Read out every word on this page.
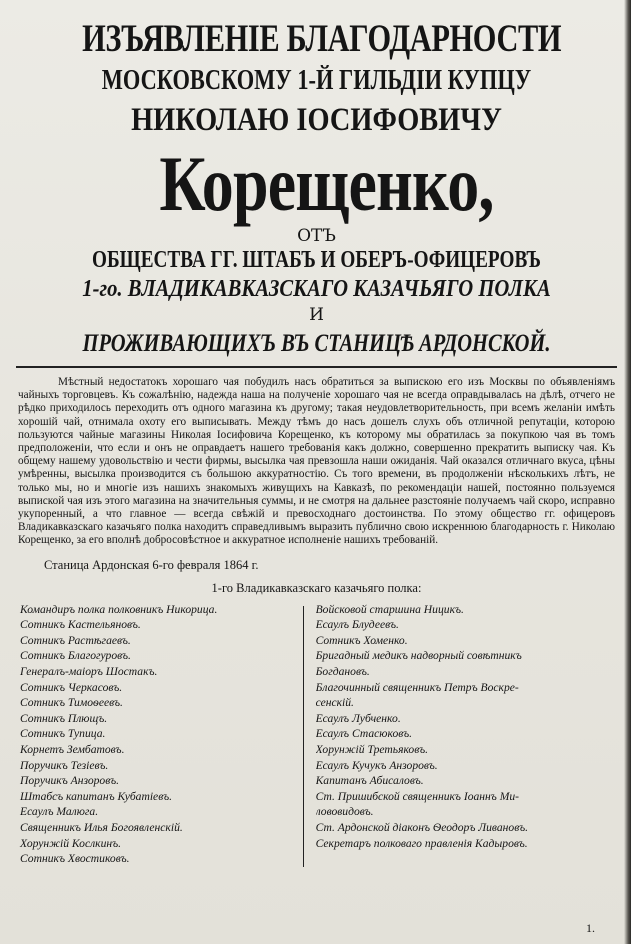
ИЗЪЯВЛЕНІЕ БЛАГОДАРНОСТИ
МОСКОВСКОМУ 1-Й ГИЛЬДІИ КУПЦУ
НИКОЛАЮ ІОСИФОВИЧУ
Корещенко,
ОТЪ
ОБЩЕСТВА ГГ. ШТАБЪ И ОБЕРЪ-ОФИЦЕРОВЪ
1-го. ВЛАДИКАВКАЗСКАГО КАЗАЧЬЯГО ПОЛКА
И
ПРОЖИВАЮЩИХЪ ВЪ СТАНИЦѢ АРДОНСКОЙ.

Мѣстный недостатокъ хорошаго чая побудилъ насъ обратиться за выпискою его изъ Москвы по объявленіямъ чайныхъ торговцевъ. Къ сожалѣнію, надежда наша на полученіе хорошаго чая не всегда оправдывалась на дѣлѣ, отчего не рѣдко приходилось переходить отъ одного магазина къ другому; такая неудовлетворительность, при всемъ желаніи имѣть хорошій чай, отнимала охоту его выписывать. Между тѣмъ до насъ дошелъ слухъ объ отличной репутаціи, которою пользуются чайные магазины Николая Іосифовича Корещенко, къ которому мы обратилась за покупкою чая въ томъ предположеніи, что если и онъ не оправдаетъ нашего требованія какъ должно, совершенно прекратить выписку чая. Къ общему нашему удовольствію и чести фирмы, высылка чая превзошла наши ожиданія. Чай оказался отличнаго вкуса, цѣны умѣренны, высылка производится съ большою аккуратностію. Съ того времени, въ продолженіи нѣсколькихъ лѣтъ, не только мы, но и многіе изъ нашихъ знакомыхъ живущихъ на Кавказѣ, по рекомендаціи нашей, постоянно пользуемся выпиской чая изъ этого магазина на значительныя суммы, и не смотря на дальнее разстояніе получаемъ чай скоро, исправно укупоренный, а что главное — всегда свѣжій и превосходнаго достоинства. По этому общество гг. офицеровъ Владикавказскаго казачьяго полка находитъ справедливымъ выразить публично свою искреннюю благодарность г. Николаю Корещенко, за его вполнѣ добросовѣстное и аккуратное исполненіе нашихъ требованій.

Станица Ардонская 6-го февраля 1864 г.
1-го Владикавказскаго казачьяго полка:
Командиръ полка полковникъ Никорица.
Сотникъ Кастельяновъ.
Сотникъ Растѣгаевъ.
Сотникъ Благогуровъ.
Генералъ-маіоръ Шостакъ.
Сотникъ Черкасовъ.
Сотникъ Тимоѳеевъ.
Сотникъ Плющъ.
Сотникъ Тупица.
Корнетъ Зембатовъ.
Поручикъ Тезіевъ.
Поручикъ Анзоровъ.
Штабсъ капитанъ Кубатіевъ.
Есаулъ Малюга.
Священникъ Илья Богоявленскій.
Хорунжій Кослкинъ.
Сотникъ Хвостиковъ.
Войсковой старшина Ницикъ.
Есаулъ Блудеевъ.
Сотникъ Хоменко.
Бригадный медикъ надворный совѣтникъ
Богдановъ.
Благочинный священникъ Петръ Воскре-
сенскій.
Есаулъ Лубченко.
Есаулъ Стасюковъ.
Хорунжій Третьяковъ.
Есаулъ Кучукъ Анзоровъ.
Капитанъ Абисаловъ.
Ст. Пришибской священникъ Іоаннъ Ми-
лововидовъ.
Ст. Ардонской діаконъ Ѳеодоръ Ливановъ.
Секретаръ полковаго правленія Кадыровъ.
1.
